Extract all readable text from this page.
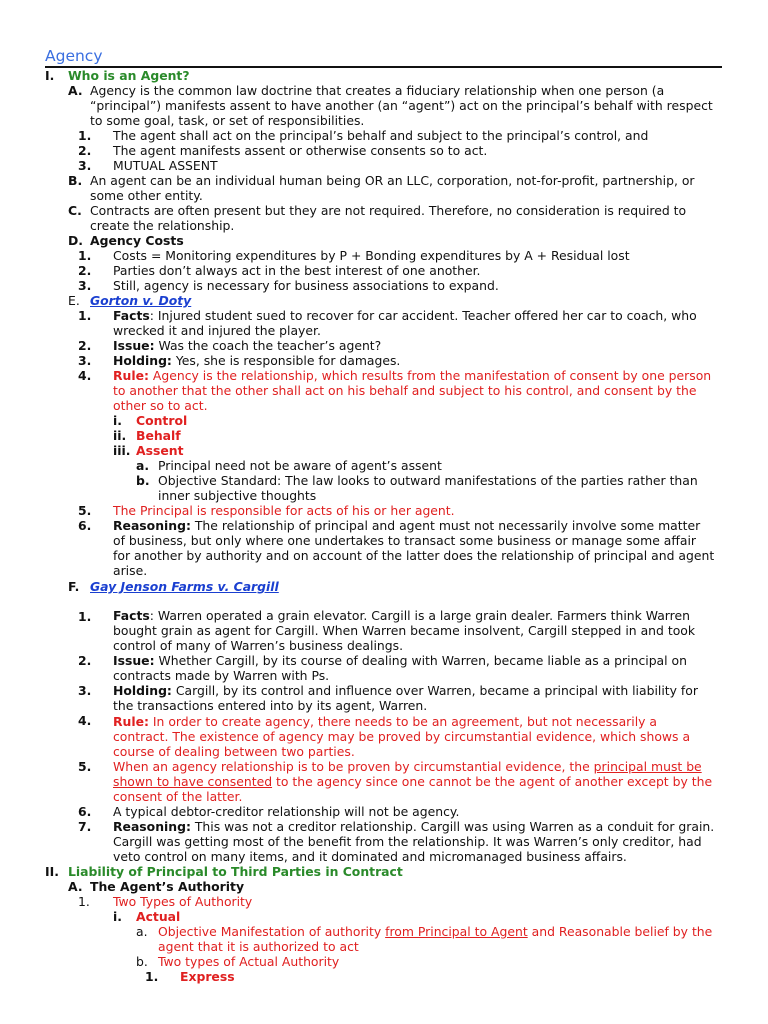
Agency
I. Who is an Agent?
A. Agency is the common law doctrine that creates a fiduciary relationship when one person (a
“principal”) manifests assent to have another (an “agent”) act on the principal’s behalf with respect
to some goal, task, or set of responsibilities.
1. The agent shall act on the principal’s behalf and subject to the principal’s control, and
2. The agent manifests assent or otherwise consents so to act.
3. MUTUAL ASSENT
B. An agent can be an individual human being OR an LLC, corporation, not-for-profit, partnership, or
some other entity.
C. Contracts are often present but they are not required. Therefore, no consideration is required to
create the relationship.
D. Agency Costs
1. Costs = Monitoring expenditures by P + Bonding expenditures by A + Residual lost
2. Parties don’t always act in the best interest of one another.
3. Still, agency is necessary for business associations to expand.
E. Gorton v. Doty
1. Facts: Injured student sued to recover for car accident. Teacher offered her car to coach, who
wrecked it and injured the player.
2. Issue: Was the coach the teacher’s agent?
3. Holding: Yes, she is responsible for damages.
4. Rule: Agency is the relationship, which results from the manifestation of consent by one person
to another that the other shall act on his behalf and subject to his control, and consent by the
other so to act.
i. Control
ii. Behalf
iii. Assent
a. Principal need not be aware of agent’s assent
b. Objective Standard: The law looks to outward manifestations of the parties rather than
inner subjective thoughts
5. The Principal is responsible for acts of his or her agent.
6. Reasoning: The relationship of principal and agent must not necessarily involve some matter
of business, but only where one undertakes to transact some business or manage some affair
for another by authority and on account of the latter does the relationship of principal and agent
arise.
F. Gay Jenson Farms v. Cargill
1. Facts: Warren operated a grain elevator. Cargill is a large grain dealer. Farmers think Warren
bought grain as agent for Cargill. When Warren became insolvent, Cargill stepped in and took
control of many of Warren’s business dealings.
2. Issue: Whether Cargill, by its course of dealing with Warren, became liable as a principal on
contracts made by Warren with Ps.
3. Holding: Cargill, by its control and influence over Warren, became a principal with liability for
the transactions entered into by its agent, Warren.
4. Rule: In order to create agency, there needs to be an agreement, but not necessarily a
contract. The existence of agency may be proved by circumstantial evidence, which shows a
course of dealing between two parties.
5. When an agency relationship is to be proven by circumstantial evidence, the principal must be
shown to have consented to the agency since one cannot be the agent of another except by the
consent of the latter.
6. A typical debtor-creditor relationship will not be agency.
7. Reasoning: This was not a creditor relationship. Cargill was using Warren as a conduit for grain.
Cargill was getting most of the benefit from the relationship. It was Warren’s only creditor, had
veto control on many items, and it dominated and micromanaged business affairs.
II. Liability of Principal to Third Parties in Contract
A. The Agent’s Authority
1. Two Types of Authority
i. Actual
a. Objective Manifestation of authority from Principal to Agent and Reasonable belief by the
agent that it is authorized to act
b. Two types of Actual Authority
1. Express
